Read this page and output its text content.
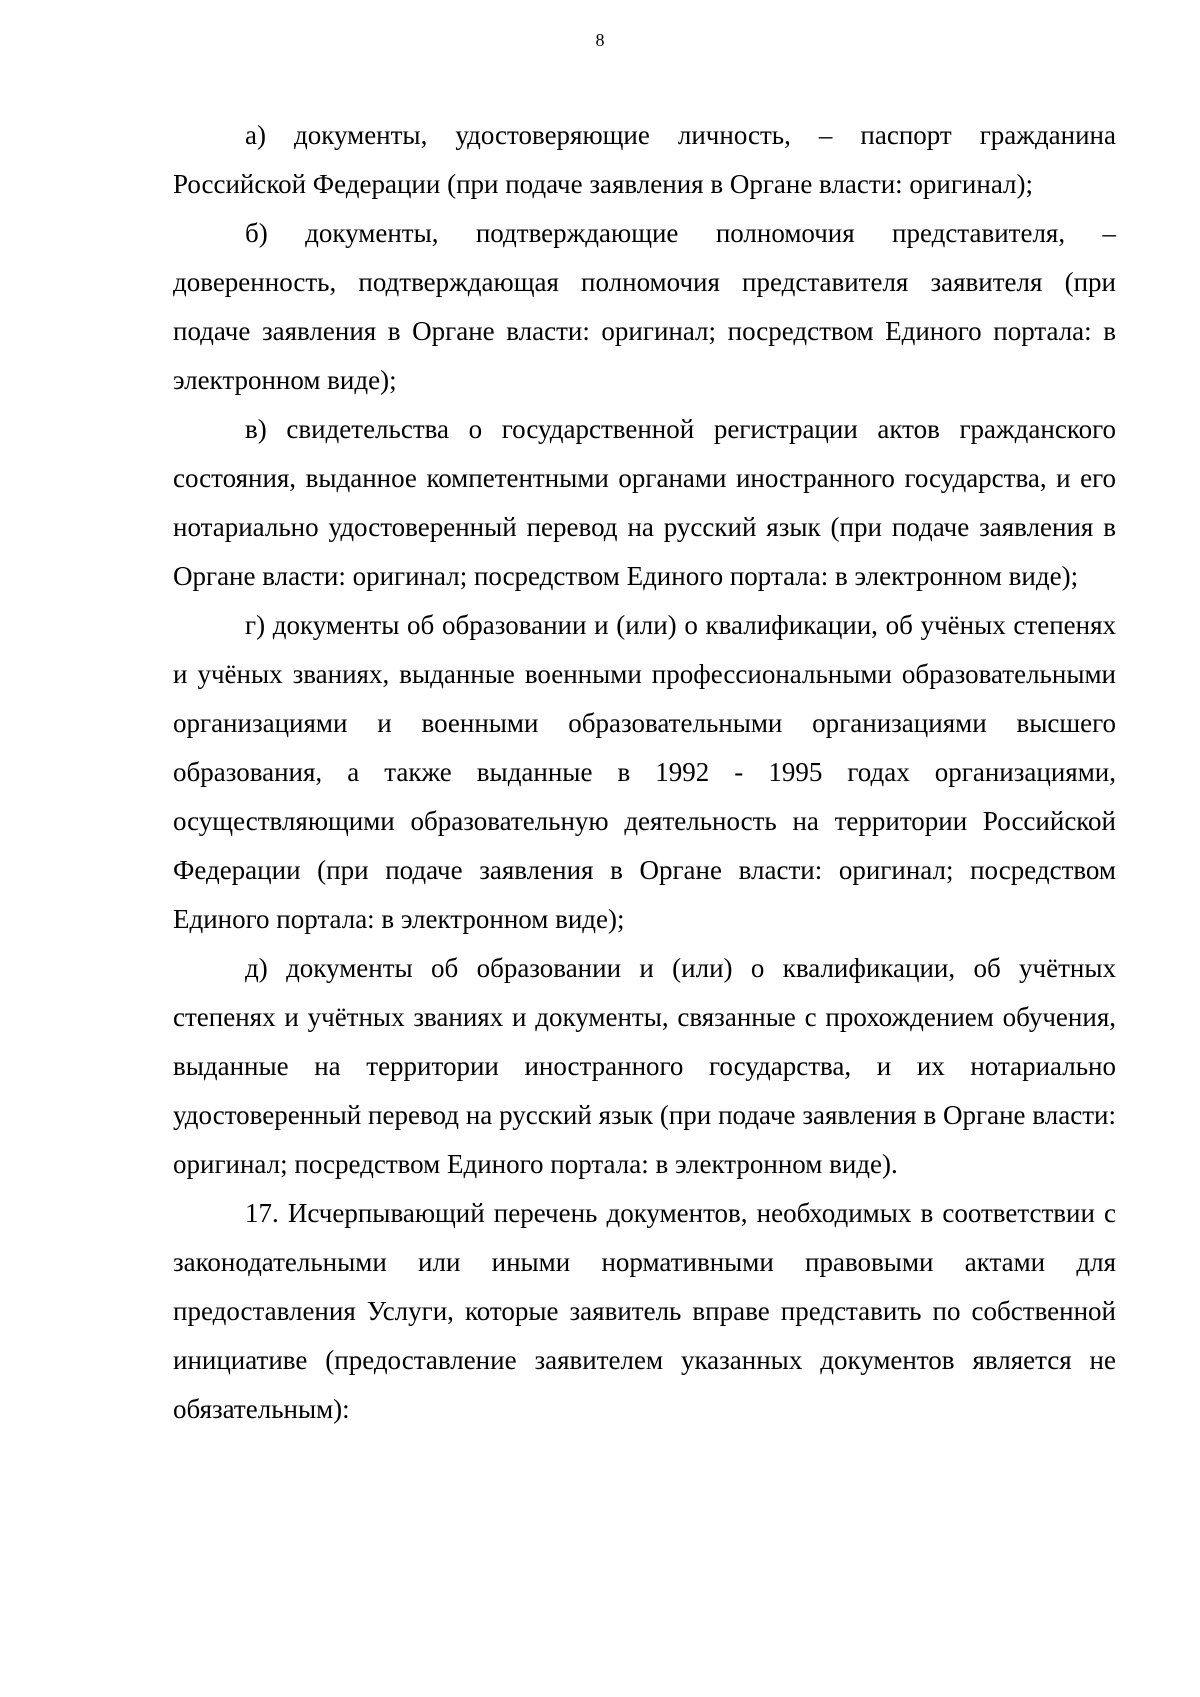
8

а) документы, удостоверяющие личность, – паспорт гражданина Российской Федерации (при подаче заявления в Органе власти: оригинал);

б) документы, подтверждающие полномочия представителя, – доверенность, подтверждающая полномочия представителя заявителя (при подаче заявления в Органе власти: оригинал; посредством Единого портала: в электронном виде);

в) свидетельства о государственной регистрации актов гражданского состояния, выданное компетентными органами иностранного государства, и его нотариально удостоверенный перевод на русский язык (при подаче заявления в Органе власти: оригинал; посредством Единого портала: в электронном виде);

г) документы об образовании и (или) о квалификации, об учёных степенях и учёных званиях, выданные военными профессиональными образовательными организациями и военными образовательными организациями высшего образования, а также выданные в 1992 - 1995 годах организациями, осуществляющими образовательную деятельность на территории Российской Федерации (при подаче заявления в Органе власти: оригинал; посредством Единого портала: в электронном виде);

д) документы об образовании и (или) о квалификации, об учётных степенях и учётных званиях и документы, связанные с прохождением обучения, выданные на территории иностранного государства, и их нотариально удостоверенный перевод на русский язык (при подаче заявления в Органе власти: оригинал; посредством Единого портала: в электронном виде).

17. Исчерпывающий перечень документов, необходимых в соответствии с законодательными или иными нормативными правовыми актами для предоставления Услуги, которые заявитель вправе представить по собственной инициативе (предоставление заявителем указанных документов является не обязательным):
